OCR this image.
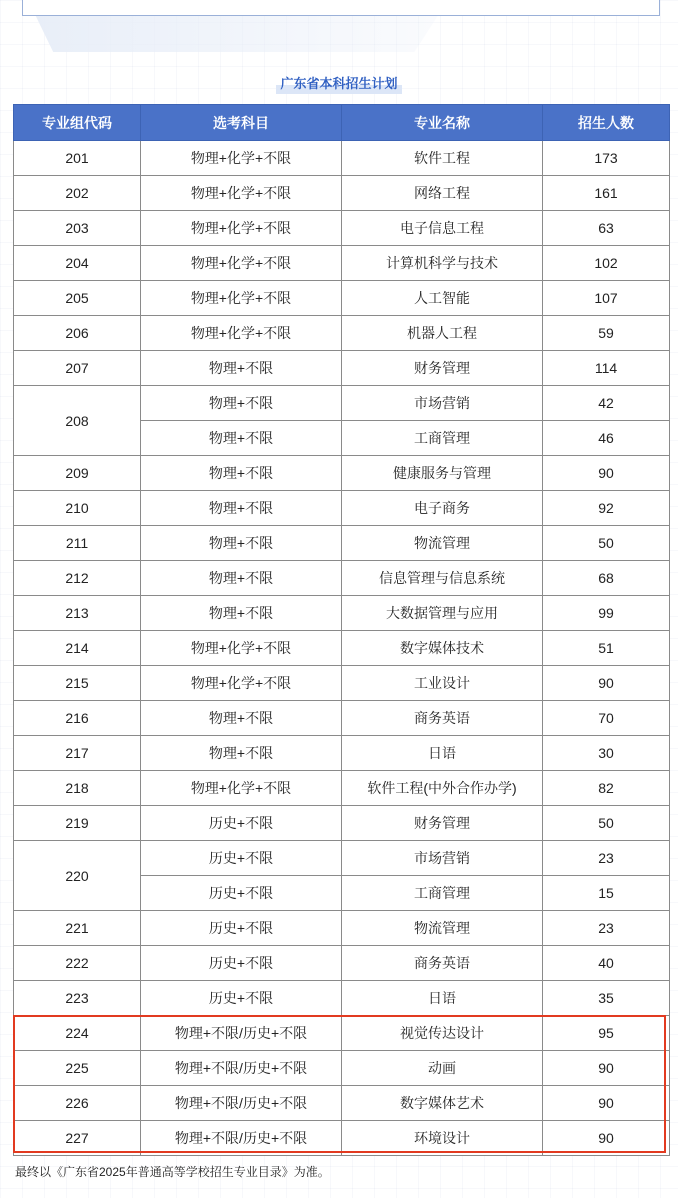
广东省本科招生计划
专业组代码	选考科目	专业名称	招生人数
201	物理+化学+不限	软件工程	173
202	物理+化学+不限	网络工程	161
203	物理+化学+不限	电子信息工程	63
204	物理+化学+不限	计算机科学与技术	102
205	物理+化学+不限	人工智能	107
206	物理+化学+不限	机器人工程	59
207	物理+不限	财务管理	114
208	物理+不限	市场营销	42
	物理+不限	工商管理	46
209	物理+不限	健康服务与管理	90
210	物理+不限	电子商务	92
211	物理+不限	物流管理	50
212	物理+不限	信息管理与信息系统	68
213	物理+不限	大数据管理与应用	99
214	物理+化学+不限	数字媒体技术	51
215	物理+化学+不限	工业设计	90
216	物理+不限	商务英语	70
217	物理+不限	日语	30
218	物理+化学+不限	软件工程(中外合作办学)	82
219	历史+不限	财务管理	50
220	历史+不限	市场营销	23
	历史+不限	工商管理	15
221	历史+不限	物流管理	23
222	历史+不限	商务英语	40
223	历史+不限	日语	35
224	物理+不限/历史+不限	视觉传达设计	95
225	物理+不限/历史+不限	动画	90
226	物理+不限/历史+不限	数字媒体艺术	90
227	物理+不限/历史+不限	环境设计	90
最终以《广东省2025年普通高等学校招生专业目录》为准。
